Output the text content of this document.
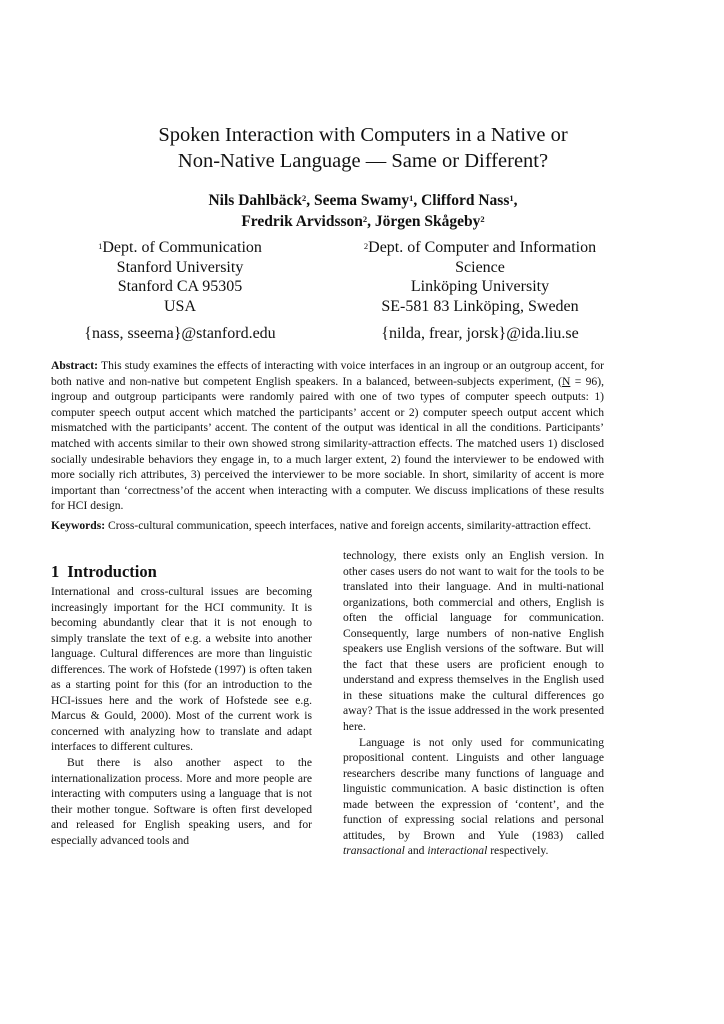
Spoken Interaction with Computers in a Native or
Non-Native Language — Same or Different?
Nils Dahlbäck$^2$, Seema Swamy$^1$, Clifford Nass$^1$,
Fredrik Arvidsson$^2$, Jörgen Skågeby$^2$
$^1$Dept. of Communication
Stanford University
Stanford CA 95305
USA
{nass, sseema}@stanford.edu
$^2$Dept. of Computer and Information
Science
Linköping University
SE-581 83 Linköping, Sweden
{nilda, frear, jorsk}@ida.liu.se
Abstract: This study examines the effects of interacting with voice interfaces in an ingroup or an outgroup accent, for both native and non-native but competent English speakers. In a balanced, between-subjects experiment, (N = 96), ingroup and outgroup participants were randomly paired with one of two types of computer speech outputs: 1) computer speech output accent which matched the participants’ accent or 2) computer speech output accent which mismatched with the participants’ accent. The content of the output was identical in all the conditions. Participants’ matched with accents similar to their own showed strong similarity-attraction effects. The matched users 1) disclosed socially undesirable behaviors they engage in, to a much larger extent, 2) found the interviewer to be endowed with more socially rich attributes, 3) perceived the interviewer to be more sociable. In short, similarity of accent is more important than ‘correctness’of the accent when interacting with a computer. We discuss implications of these results for HCI design.
Keywords: Cross-cultural communication, speech interfaces, native and foreign accents, similarity-attraction effect.
1 Introduction

International and cross-cultural issues are becoming increasingly important for the HCI community. It is becoming abundantly clear that it is not enough to simply translate the text of e.g. a website into another language. Cultural differences are more than linguistic differences. The work of Hofstede (1997) is often taken as a starting point for this (for an introduction to the HCI-issues here and the work of Hofstede see e.g. Marcus & Gould, 2000). Most of the current work is concerned with analyzing how to translate and adapt interfaces to different cultures.

But there is also another aspect to the internationalization process. More and more people are interacting with computers using a language that is not their mother tongue. Software is often first developed and released for English speaking users, and for especially advanced tools and

technology, there exists only an English version. In other cases users do not want to wait for the tools to be translated into their language. And in multi-national organizations, both commercial and others, English is often the official language for communication. Consequently, large numbers of non-native English speakers use English versions of the software. But will the fact that these users are proficient enough to understand and express themselves in the English used in these situations make the cultural differences go away? That is the issue addressed in the work presented here.

Language is not only used for communicating propositional content. Linguists and other language researchers describe many functions of language and linguistic communication. A basic distinction is often made between the expression of ‘content’, and the function of expressing social relations and personal attitudes, by Brown and Yule (1983) called transactional and interactional respectively.
